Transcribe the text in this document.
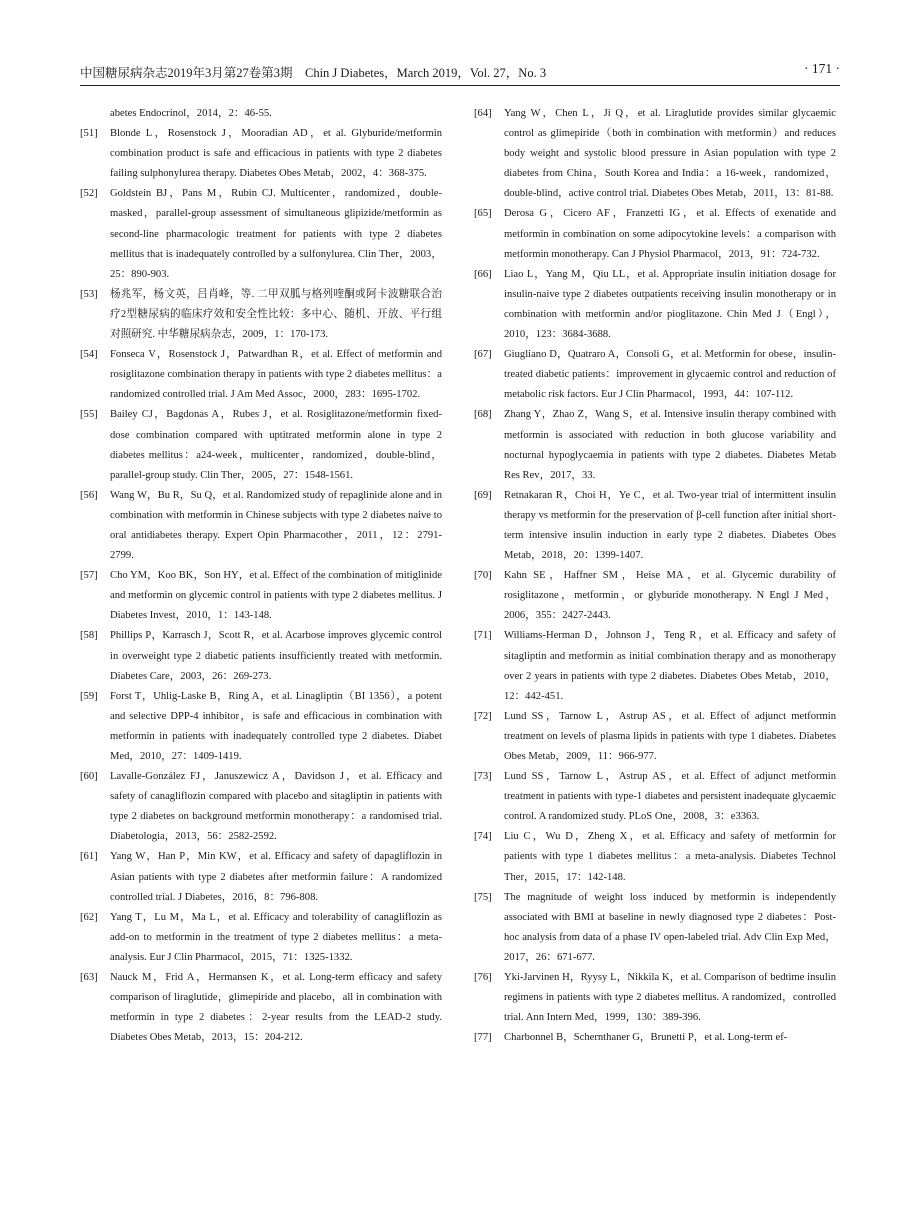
中国糖尿病杂志2019年3月第27卷第3期　Chin J Diabetes，March 2019，Vol. 27，No. 3	· 171 ·

abetes Endocrinol，2014，2：46-55.

[51] Blonde L，Rosenstock J，Mooradian AD，et al. Glyburide/metformin combination product is safe and efficacious in patients with type 2 diabetes failing sulphonylurea therapy. Diabetes Obes Metab，2002，4：368-375.

[52] Goldstein BJ，Pans M，Rubin CJ. Multicenter，randomized，double-masked，parallel-group assessment of simultaneous glipizide/metformin as second-line pharmacologic treatment for patients with type 2 diabetes mellitus that is inadequately controlled by a sulfonylurea. Clin Ther，2003，25：890-903.

[53] 杨兆军，杨文英，吕肖峰，等. 二甲双胍与格列喹酮或阿卡波糖联合治疗2型糖尿病的临床疗效和安全性比较：多中心、随机、开放、平行组对照研究. 中华糖尿病杂志，2009，1：170-173.

[54] Fonseca V，Rosenstock J，Patwardhan R，et al. Effect of metformin and rosiglitazone combination therapy in patients with type 2 diabetes mellitus：a randomized controlled trial. J Am Med Assoc，2000，283：1695-1702.

[55] Bailey CJ，Bagdonas A，Rubes J，et al. Rosiglitazone/metformin fixed-dose combination compared with uptitrated metformin alone in type 2 diabetes mellitus：a24-week，multicenter，randomized，double-blind，parallel-group study. Clin Ther，2005，27：1548-1561.

[56] Wang W，Bu R，Su Q，et al. Randomized study of repaglinide alone and in combination with metformin in Chinese subjects with type 2 diabetes naive to oral antidiabetes therapy. Expert Opin Pharmacother，2011，12：2791-2799.

[57] Cho YM，Koo BK，Son HY，et al. Effect of the combination of mitiglinide and metformin on glycemic control in patients with type 2 diabetes mellitus. J Diabetes Invest，2010，1：143-148.

[58] Phillips P，Karrasch J，Scott R，et al. Acarbose improves glycemic control in overweight type 2 diabetic patients insufficiently treated with metformin. Diabetes Care，2003，26：269-273.

[59] Forst T，Uhlig-Laske B，Ring A，et al. Linagliptin（BI 1356），a potent and selective DPP-4 inhibitor，is safe and efficacious in combination with metformin in patients with inadequately controlled type 2 diabetes. Diabet Med，2010，27：1409-1419.

[60] Lavalle-González FJ，Januszewicz A，Davidson J，et al. Efficacy and safety of canagliflozin compared with placebo and sitagliptin in patients with type 2 diabetes on background metformin monotherapy：a randomised trial. Diabetologia，2013，56：2582-2592.

[61] Yang W，Han P，Min KW，et al. Efficacy and safety of dapagliflozin in Asian patients with type 2 diabetes after metformin failure：A randomized controlled trial. J Diabetes，2016，8：796-808.

[62] Yang T，Lu M，Ma L，et al. Efficacy and tolerability of canagliflozin as add-on to metformin in the treatment of type 2 diabetes mellitus：a meta-analysis. Eur J Clin Pharmacol，2015，71：1325-1332.

[63] Nauck M，Frid A，Hermansen K，et al. Long-term efficacy and safety comparison of liraglutide，glimepiride and placebo，all in combination with metformin in type 2 diabetes：2-year results from the LEAD-2 study. Diabetes Obes Metab，2013，15：204-212.

[64] Yang W，Chen L，Ji Q，et al. Liraglutide provides similar glycaemic control as glimepiride（both in combination with metformin）and reduces body weight and systolic blood pressure in Asian population with type 2 diabetes from China，South Korea and India：a 16-week，randomized，double-blind，active control trial. Diabetes Obes Metab，2011，13：81-88.

[65] Derosa G，Cicero AF，Franzetti IG，et al. Effects of exenatide and metformin in combination on some adipocytokine levels：a comparison with metformin monotherapy. Can J Physiol Pharmacol，2013，91：724-732.

[66] Liao L，Yang M，Qiu LL，et al. Appropriate insulin initiation dosage for insulin-naive type 2 diabetes outpatients receiving insulin monotherapy or in combination with metformin and/or pioglitazone. Chin Med J（Engl），2010，123：3684-3688.

[67] Giugliano D，Quatraro A，Consoli G，et al. Metformin for obese，insulin-treated diabetic patients：improvement in glycaemic control and reduction of metabolic risk factors. Eur J Clin Pharmacol，1993，44：107-112.

[68] Zhang Y，Zhao Z，Wang S，et al. Intensive insulin therapy combined with metformin is associated with reduction in both glucose variability and nocturnal hypoglycaemia in patients with type 2 diabetes. Diabetes Metab Res Rev，2017，33.

[69] Retnakaran R，Choi H，Ye C，et al. Two-year trial of intermittent insulin therapy vs metformin for the preservation of β-cell function after initial short-term intensive insulin induction in early type 2 diabetes. Diabetes Obes Metab，2018，20：1399-1407.

[70] Kahn SE，Haffner SM，Heise MA，et al. Glycemic durability of rosiglitazone，metformin，or glyburide monotherapy. N Engl J Med，2006，355：2427-2443.

[71] Williams-Herman D，Johnson J，Teng R，et al. Efficacy and safety of sitagliptin and metformin as initial combination therapy and as monotherapy over 2 years in patients with type 2 diabetes. Diabetes Obes Metab，2010，12：442-451.

[72] Lund SS，Tarnow L，Astrup AS，et al. Effect of adjunct metformin treatment on levels of plasma lipids in patients with type 1 diabetes. Diabetes Obes Metab，2009，11：966-977.

[73] Lund SS，Tarnow L，Astrup AS，et al. Effect of adjunct metformin treatment in patients with type-1 diabetes and persistent inadequate glycaemic control. A randomized study. PLoS One，2008，3：e3363.

[74] Liu C，Wu D，Zheng X，et al. Efficacy and safety of metformin for patients with type 1 diabetes mellitus：a meta-analysis. Diabetes Technol Ther，2015，17：142-148.

[75] The magnitude of weight loss induced by metformin is independently associated with BMI at baseline in newly diagnosed type 2 diabetes：Post-hoc analysis from data of a phase IV open-labeled trial. Adv Clin Exp Med，2017，26：671-677.

[76] Yki-Jarvinen H，Ryysy L，Nikkila K，et al. Comparison of bedtime insulin regimens in patients with type 2 diabetes mellitus. A randomized，controlled trial. Ann Intern Med，1999，130：389-396.

[77] Charbonnel B，Schernthaner G，Brunetti P，et al. Long-term ef-
